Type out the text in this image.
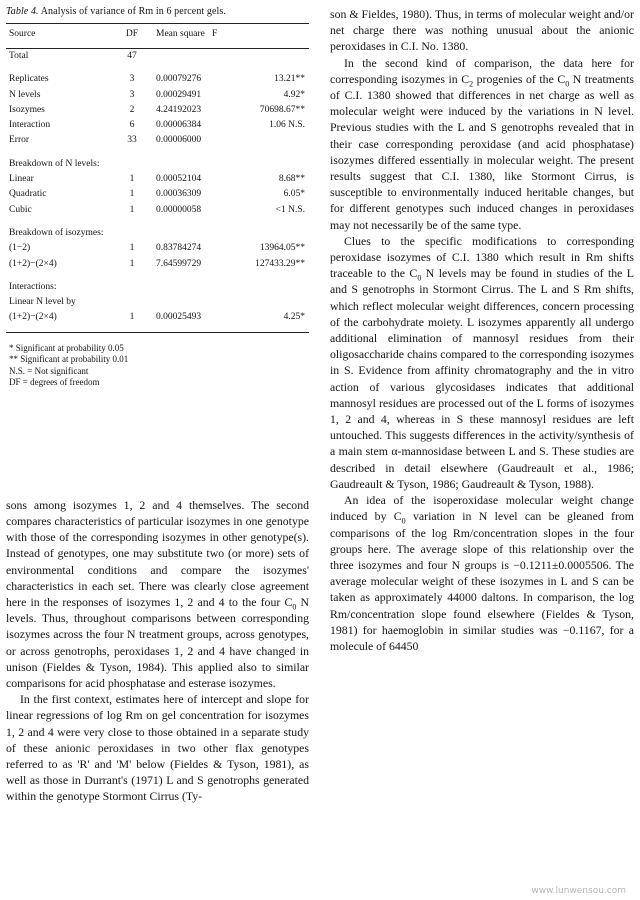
Table 4. Analysis of variance of Rm in 6 percent gels.
Source	DF	Mean square F
Total	47
Replicates	3	0.00079276	13.21**
N levels	3	0.00029491	4.92*
Isozymes	2	4.24192023	70698.67**
Interaction	6	0.00006384	1.06 N.S.
Error	33	0.00006000
Breakdown of N levels:
Linear	1	0.00052104	8.68**
Quadratic	1	0.00036309	6.05*
Cubic	1	0.00000058	<1 N.S.
Breakdown of isozymes:
(1−2)	1	0.83784274	13964.05**
(1+2)−(2×4)	1	7.64599729	127433.29**
Interactions:
Linear N level by
(1+2)−(2×4)	1	0.00025493	4.25*
* Significant at probability 0.05
** Significant at probability 0.01
N.S. = Not significant
DF = degrees of freedom

sons among isozymes 1, 2 and 4 themselves. The second compares characteristics of particular isozymes in one genotype with those of the corresponding isozymes in other genotype(s). Instead of genotypes, one may substitute two (or more) sets of environmental conditions and compare the isozymes' characteristics in each set. There was clearly close agreement here in the responses of isozymes 1, 2 and 4 to the four $C_0$ N levels. Thus, throughout comparisons between corresponding isozymes across the four N treatment groups, across genotypes, or across genotrophs, peroxidases 1, 2 and 4 have changed in unison (Fieldes & Tyson, 1984). This applied also to similar comparisons for acid phosphatase and esterase isozymes.

In the first context, estimates here of intercept and slope for linear regressions of log Rm on gel concentration for isozymes 1, 2 and 4 were very close to those obtained in a separate study of these anionic peroxidases in two other flax genotypes referred to as 'R' and 'M' below (Fieldes & Tyson, 1981), as well as those in Durrant's (1971) L and S genotrophs generated within the genotype Stormont Cirrus (Ty-

son & Fieldes, 1980). Thus, in terms of molecular weight and/or net charge there was nothing unusual about the anionic peroxidases in C.I. No. 1380.

In the second kind of comparison, the data here for corresponding isozymes in $C_2$ progenies of the $C_0$ N treatments of C.I. 1380 showed that differences in net charge as well as molecular weight were induced by the variations in N level. Previous studies with the L and S genotrophs revealed that in their case corresponding peroxidase (and acid phosphatase) isozymes differed essentially in molecular weight. The present results suggest that C.I. 1380, like Stormont Cirrus, is susceptible to environmentally induced heritable changes, but for different genotypes such induced changes in peroxidases may not necessarily be of the same type.

Clues to the specific modifications to corresponding peroxidase isozymes of C.I. 1380 which result in Rm shifts traceable to the $C_0$ N levels may be found in studies of the L and S genotrophs in Stormont Cirrus. The L and S Rm shifts, which reflect molecular weight differences, concern processing of the carbohydrate moiety. L isozymes apparently all undergo additional elimination of mannosyl residues from their oligosaccharide chains compared to the corresponding isozymes in S. Evidence from affinity chromatography and the in vitro action of various glycosidases indicates that additional mannosyl residues are processed out of the L forms of isozymes 1, 2 and 4, whereas in S these mannosyl residues are left untouched. This suggests differences in the activity/synthesis of a main stem α-mannosidase between L and S. These studies are described in detail elsewhere (Gaudreault et al., 1986; Gaudreault & Tyson, 1986; Gaudreault & Tyson, 1988).

An idea of the isoperoxidase molecular weight change induced by $C_0$ variation in N level can be gleaned from comparisons of the log Rm/concentration slopes in the four groups here. The average slope of this relationship over the three isozymes and four N groups is −0.1211±0.0005506. The average molecular weight of these isozymes in L and S can be taken as approximately 44000 daltons. In comparison, the log Rm/concentration slope found elsewhere (Fieldes & Tyson, 1981) for haemoglobin in similar studies was −0.1167, for a molecule of 64450

www.lunwensou.com
